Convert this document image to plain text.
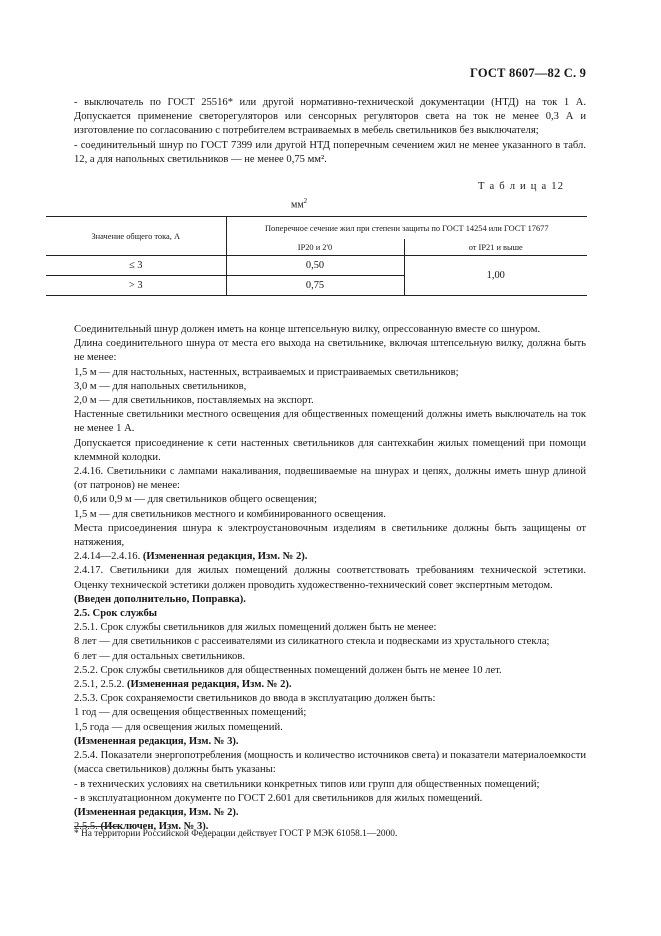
ГОСТ 8607—82 С. 9

- выключатель по ГОСТ 25516* или другой нормативно-технической документации (НТД) на ток 1 А. Допускается применение светорегуляторов или сенсорных регуляторов света на ток не менее 0,3 А и изготовление по согласованию с потребителем встраиваемых в мебель светильников без выключателя;

- соединительный шнур по ГОСТ 7399 или другой НТД поперечным сечением жил не менее указанного в табл. 12, а для напольных светильников — не менее 0,75 мм².

Т а б л и ц а 12
$мм^2$
Значение общего тока, А	Поперечное сечение жил при степени защиты по ГОСТ 14254 или ГОСТ 17677	
	IP20 и 2'0	от IP21 и выше
≤ 3	0,50	1,00
> 3	0,75	

Соединительный шнур должен иметь на конце штепсельную вилку, опрессованную вместе со шнуром.

Длина соединительного шнура от места его выхода на светильнике, включая штепсельную вилку, должна быть не менее:

1,5 м — для настольных, настенных, встраиваемых и пристраиваемых светильников;

3,0 м — для напольных светильников,

2,0 м — для светильников, поставляемых на экспорт.

Настенные светильники местного освещения для общественных помещений должны иметь выключатель на ток не менее 1 А.

Допускается присоединение к сети настенных светильников для сантехкабин жилых помещений при помощи клеммной колодки.

2.4.16. Светильники с лампами накаливания, подвешиваемые на шнурах и цепях, должны иметь шнур длиной (от патронов) не менее:

0,6 или 0,9 м — для светильников общего освещения;

1,5 м — для светильников местного и комбинированного освещения.

Места присоединения шнура к электроустановочным изделиям в светильнике должны быть защищены от натяжения,

2.4.14—2.4.16. (Измененная редакция, Изм. № 2).

2.4.17. Светильники для жилых помещений должны соответствовать требованиям технической эстетики. Оценку технической эстетики должен проводить художественно-технический совет экспертным методом.

(Введен дополнительно, Поправка).

2.5. Срок службы

2.5.1. Срок службы светильников для жилых помещений должен быть не менее:

8 лет — для светильников с рассеивателями из силикатного стекла и подвесками из хрустального стекла;

6 лет — для остальных светильников.

2.5.2. Срок службы светильников для общественных помещений должен быть не менее 10 лет.

2.5.1, 2.5.2. (Измененная редакция, Изм. № 2).

2.5.3. Срок сохраняемости светильников до ввода в эксплуатацию должен быть:

1 год — для освещения общественных помещений;

1,5 года — для освещения жилых помещений.

(Измененная редакция, Изм. № 3).

2.5.4. Показатели энергопотребления (мощность и количество источников света) и показатели материалоемкости (масса светильников) должны быть указаны:

- в технических условиях на светильники конкретных типов или групп для общественных помещений;

- в эксплуатационном документе по ГОСТ 2.601 для светильников для жилых помещений.

(Измененная редакция, Изм. № 2).

2.5.5. (Исключен, Изм. № 3).

* На территории Российской Федерации действует ГОСТ Р МЭК 61058.1—2000.
